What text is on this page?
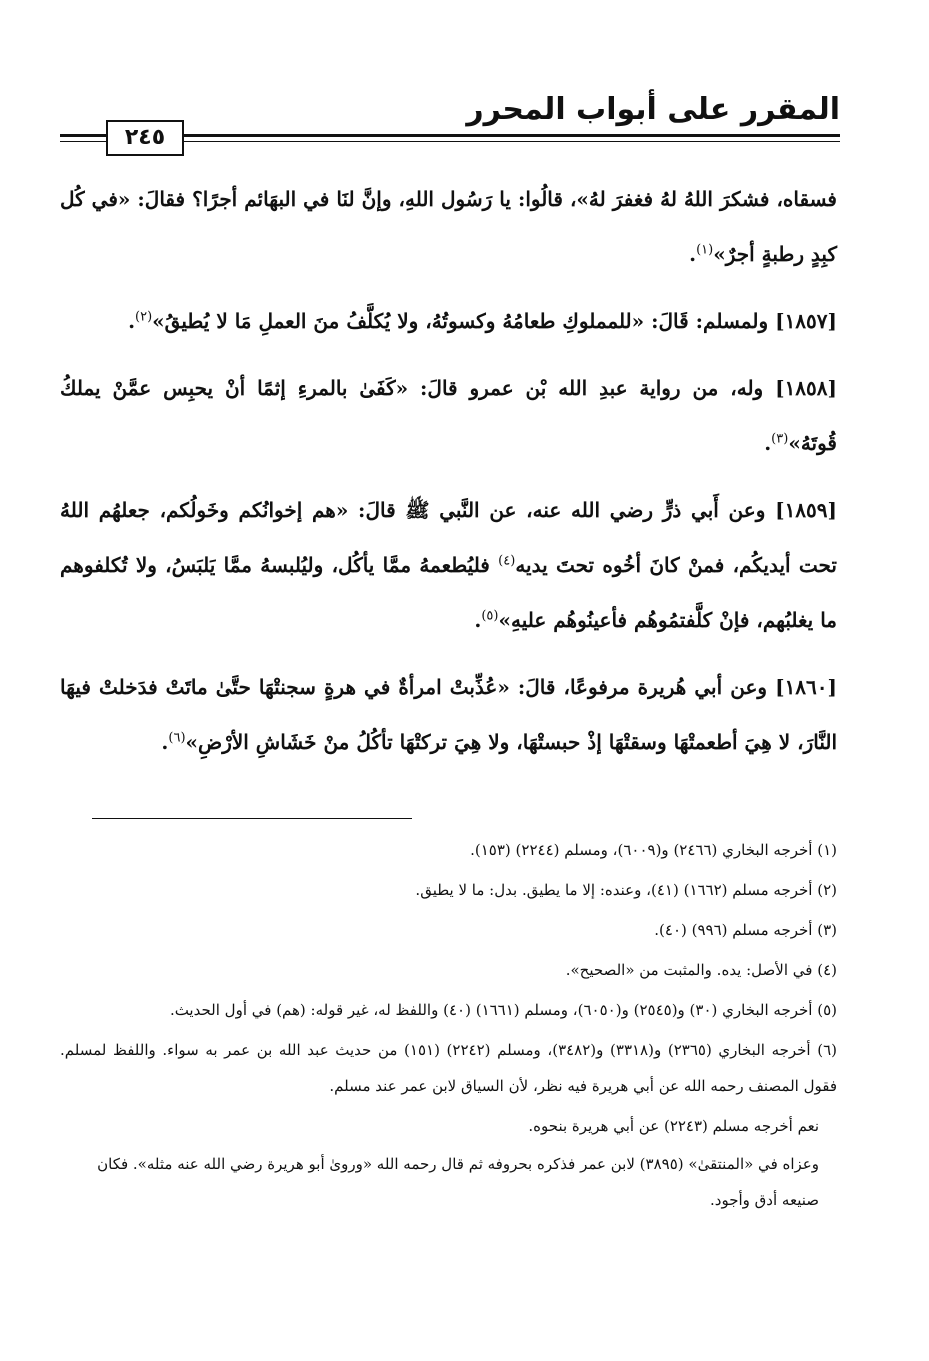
المقرر على أبواب المحرر
٢٤٥

فسقاه، فشكرَ اللهُ لهُ فغفرَ لهُ»، قالُوا: يا رَسُول اللهِ، وإنَّ لنَا في البهَائم أجرًا؟ فقالَ: «في كُل كبِدٍ رطبةٍ أجرٌ»$^{(١)}$.

[١٨٥٧] ولمسلم: قَالَ: «للمملوكِ طعامُهُ وكسوتُهُ، ولا يُكلَّفُ منَ العملِ مَا لا يُطيقُ»$^{(٢)}$.

[١٨٥٨] وله، من رواية عبدِ الله بْن عمرو قالَ: «كَفَىٰ بالمرءِ إثمًا أنْ يحبِس عمَّنْ يملكُ قُوتَهُ»$^{(٣)}$.

[١٨٥٩] وعن أَبي ذرٍّ رضي الله عنه، عن النَّبي ﷺ قالَ: «هم إخوانُكم وخَولُكم، جعلهُم اللهُ تحت أيديكُم، فمنْ كانَ أخُوه تحتَ يديه$^{(٤)}$ فليُطعمهُ ممَّا يأكُل، وليُلبسهُ ممَّا يَلبَسُ، ولا تُكلفوهم ما يغلبُهم، فإنْ كلَّفتمُوهُم فأعينُوهُم عليهِ»$^{(٥)}$.

[١٨٦٠] وعن أبي هُريرة مرفوعًا، قالَ: «عُذِّبتْ امرأةٌ في هرةٍ سجنتْهَا حتَّىٰ ماتَتْ فدَخلتْ فيهَا النَّارَ، لا هِيَ أطعمتْهَا وسقتْهَا إذْ حبستْهَا، ولا هِيَ تركتْهَا تأكُلُ منْ خَشَاشِ الأرْضِ»$^{(٦)}$.

(١) أخرجه البخاري (٢٤٦٦) و(٦٠٠٩)، ومسلم (٢٢٤٤) (١٥٣).

(٢) أخرجه مسلم (١٦٦٢) (٤١)، وعنده: إلا ما يطيق. بدل: ما لا يطيق.

(٣) أخرجه مسلم (٩٩٦) (٤٠).

(٤) في الأصل: يده. والمثبت من «الصحيح».

(٥) أخرجه البخاري (٣٠) و(٢٥٤٥) و(٦٠٥٠)، ومسلم (١٦٦١) (٤٠) واللفظ له، غير قوله: (هم) في أول الحديث.

(٦) أخرجه البخاري (٢٣٦٥) و(٣٣١٨) و(٣٤٨٢)، ومسلم (٢٢٤٢) (١٥١) من حديث عبد الله بن عمر به سواء. واللفظ لمسلم. فقول المصنف رحمه الله عن أبي هريرة فيه نظر، لأن السياق لابن عمر عند مسلم.

نعم أخرجه مسلم (٢٢٤٣) عن أبي هريرة بنحوه.

وعزاه في «المنتقىٰ» (٣٨٩٥) لابن عمر فذكره بحروفه ثم قال رحمه الله «وروىٰ أبو هريرة رضي الله عنه مثله». فكان صنيعه أدق وأجود.
